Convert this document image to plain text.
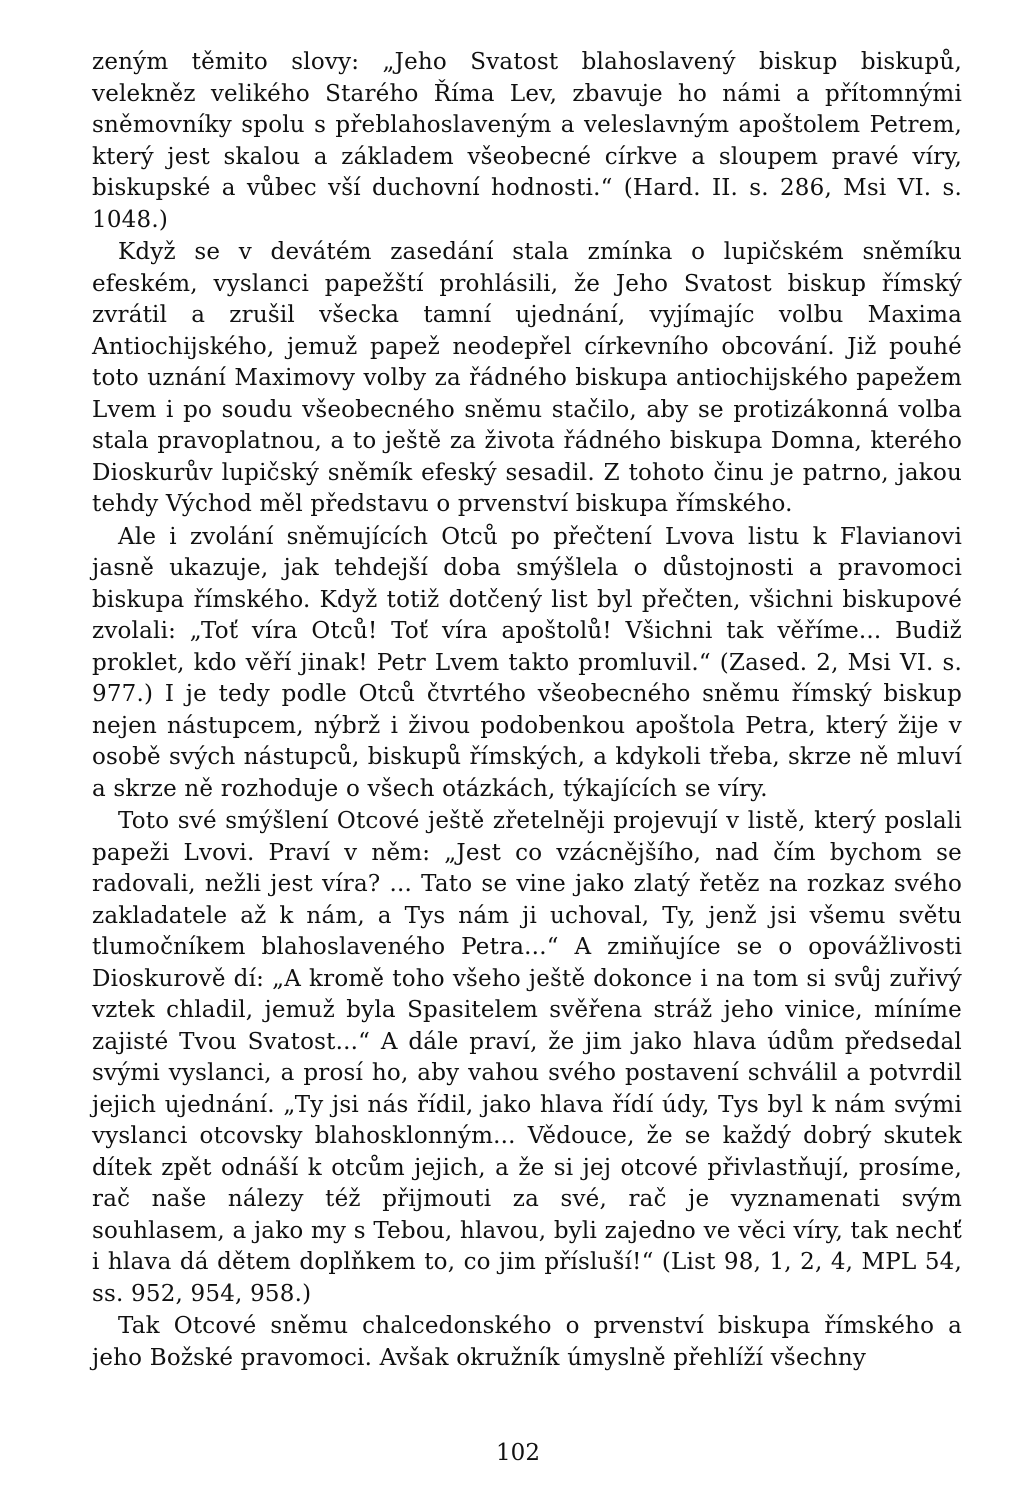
zeným těmito slovy: „Jeho Svatost blahoslavený biskup biskupů, velekněz velikého Starého Říma Lev, zbavuje ho námi a přítomnými sněmovníky spolu s přeblahoslaveným a veleslavným apoštolem Petrem, který jest skalou a základem všeobecné církve a sloupem pravé víry, biskupské a vůbec vší duchovní hodnosti.“ (Hard. II. s. 286, Msi VI. s. 1048.)

Když se v devátém zasedání stala zmínka o lupičském sněmíku efeském, vyslanci papežští prohlásili, že Jeho Svatost biskup římský zvrátil a zrušil všecka tamní ujednání, vyjímajíc volbu Maxima Antiochijského, jemuž papež neodepřel církevního obcování. Již pouhé toto uznání Maximovy volby za řádného biskupa antiochijského papežem Lvem i po soudu všeobecného sněmu stačilo, aby se protizákonná volba stala pravoplatnou, a to ještě za života řádného biskupa Domna, kterého Dioskurův lupičský sněmík efeský sesadil. Z tohoto činu je patrno, jakou tehdy Východ měl představu o prvenství biskupa římského.

Ale i zvolání sněmujících Otců po přečtení Lvova listu k Flavianovi jasně ukazuje, jak tehdejší doba smýšlela o důstojnosti a pravomoci biskupa římského. Když totiž dotčený list byl přečten, všichni biskupové zvolali: „Toť víra Otců! Toť víra apoštolů! Všichni tak věříme... Budiž proklet, kdo věří jinak! Petr Lvem takto promluvil.“ (Zased. 2, Msi VI. s. 977.) I je tedy podle Otců čtvrtého všeobecného sněmu římský biskup nejen nástupcem, nýbrž i živou podobenkou apoštola Petra, který žije v osobě svých nástupců, biskupů římských, a kdykoli třeba, skrze ně mluví a skrze ně rozhoduje o všech otázkách, týkajících se víry.

Toto své smýšlení Otcové ještě zřetelněji projevují v listě, který poslali papeži Lvovi. Praví v něm: „Jest co vzácnějšího, nad čím bychom se radovali, nežli jest víra? ... Tato se vine jako zlatý řetěz na rozkaz svého zakladatele až k nám, a Tys nám ji uchoval, Ty, jenž jsi všemu světu tlumočníkem blahoslaveného Petra...“ A zmiňujíce se o opovážlivosti Dioskurově dí: „A kromě toho všeho ještě dokonce i na tom si svůj zuřivý vztek chladil, jemuž byla Spasitelem svěřena stráž jeho vinice, míníme zajisté Tvou Svatost...“ A dále praví, že jim jako hlava údům předsedal svými vyslanci, a prosí ho, aby vahou svého postavení schválil a potvrdil jejich ujednání. „Ty jsi nás řídil, jako hlava řídí údy, Tys byl k nám svými vyslanci otcovsky blahosklonným... Vědouce, že se každý dobrý skutek dítek zpět odnáší k otcům jejich, a že si jej otcové přivlastňují, prosíme, rač naše nálezy též přijmouti za své, rač je vyznamenati svým souhlasem, a jako my s Tebou, hlavou, byli zajedno ve věci víry, tak nechť i hlava dá dětem doplňkem to, co jim přísluší!“ (List 98, 1, 2, 4, MPL 54, ss. 952, 954, 958.)

Tak Otcové sněmu chalcedonského o prvenství biskupa římského a jeho Božské pravomoci. Avšak okružník úmyslně přehlíží všechny

102
